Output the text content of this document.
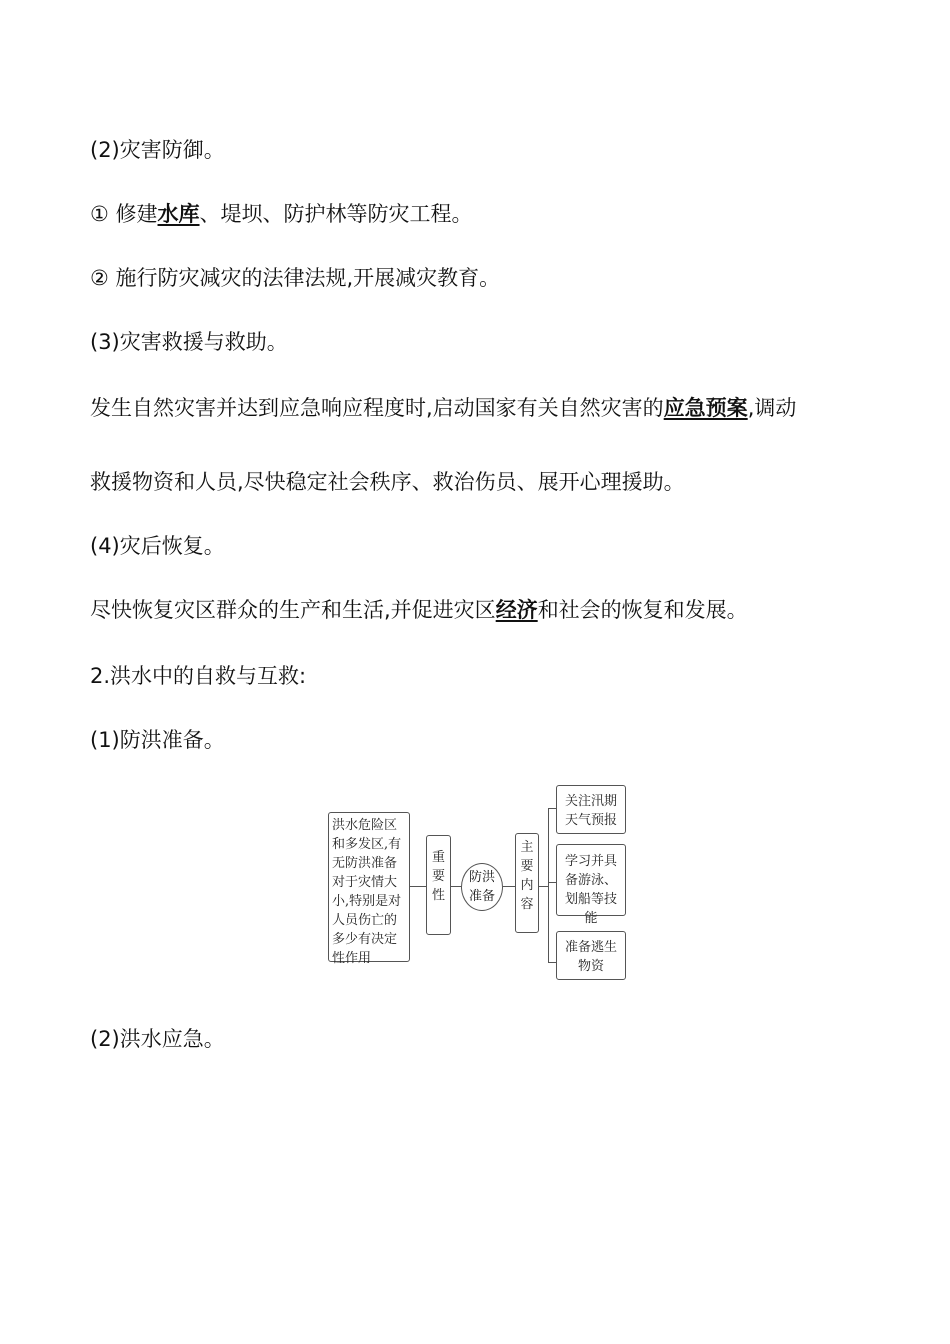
(2)灾害防御。
① 修建水库、堤坝、防护林等防灾工程。
② 施行防灾减灾的法律法规,开展减灾教育。
(3)灾害救援与救助。
发生自然灾害并达到应急响应程度时,启动国家有关自然灾害的应急预案,调动
救援物资和人员,尽快稳定社会秩序、救治伤员、展开心理援助。
(4)灾后恢复。
尽快恢复灾区群众的生产和生活,并促进灾区经济和社会的恢复和发展。
2.洪水中的自救与互救:
(1)防洪准备。
洪水危险区和多发区,有无防洪准备对于灾情大小,特别是对人员伤亡的多少有决定性作用
重要性
防洪准备
主要内容
关注汛期天气预报
学习并具备游泳、划船等技能
准备逃生物资
(2)洪水应急。
